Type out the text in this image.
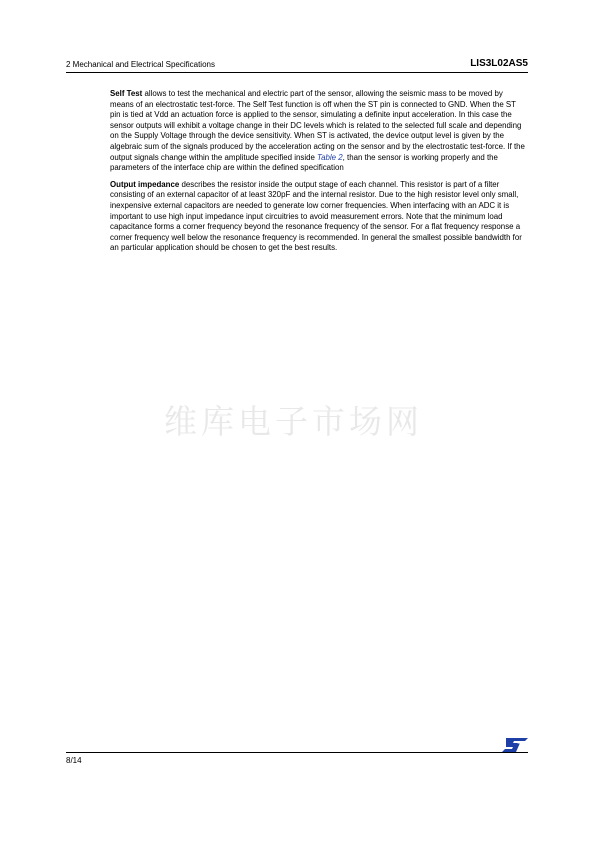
2 Mechanical and Electrical Specifications	LIS3L02AS5

Self Test allows to test the mechanical and electric part of the sensor, allowing the seismic mass to be moved by means of an electrostatic test-force. The Self Test function is off when the ST pin is connected to GND. When the ST pin is tied at Vdd an actuation force is applied to the sensor, simulating a definite input acceleration. In this case the sensor outputs will exhibit a voltage change in their DC levels which is related to the selected full scale and depending on the Supply Voltage through the device sensitivity. When ST is activated, the device output level is given by the algebraic sum of the signals produced by the acceleration acting on the sensor and by the electrostatic test-force. If the output signals change within the amplitude specified inside Table 2, than the sensor is working properly and the parameters of the interface chip are within the defined specification

Output impedance describes the resistor inside the output stage of each channel. This resistor is part of a filter consisting of an external capacitor of at least 320pF and the internal resistor. Due to the high resistor level only small, inexpensive external capacitors are needed to generate low corner frequencies. When interfacing with an ADC it is important to use high input impedance input circuitries to avoid measurement errors. Note that the minimum load capacitance forms a corner frequency beyond the resonance frequency of the sensor. For a flat frequency response a corner frequency well below the resonance frequency is recommended. In general the smallest possible bandwidth for an particular application should be chosen to get the best results.

维库电子市场网
8/14
